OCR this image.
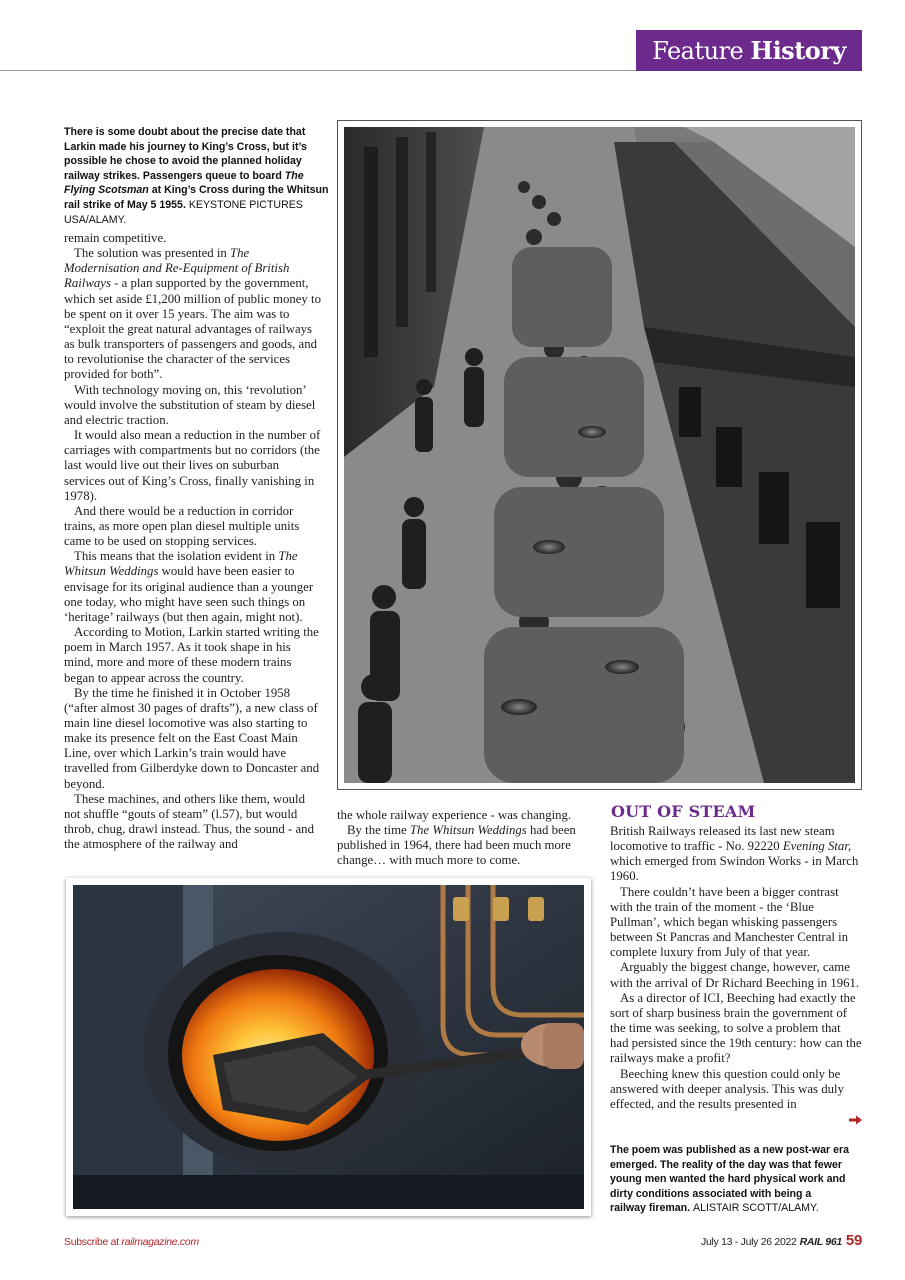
Feature History
There is some doubt about the precise date that Larkin made his journey to King’s Cross, but it’s possible he chose to avoid the planned holiday railway strikes. Passengers queue to board The Flying Scotsman at King’s Cross during the Whitsun rail strike of May 5 1955. KEYSTONE PICTURES USA/ALAMY.

remain competitive.

The solution was presented in The Modernisation and Re-Equipment of British Railways - a plan supported by the government, which set aside £1,200 million of public money to be spent on it over 15 years. The aim was to “exploit the great natural advantages of railways as bulk transporters of passengers and goods, and to revolutionise the character of the services provided for both”.

With technology moving on, this ‘revolution’ would involve the substitution of steam by diesel and electric traction.

It would also mean a reduction in the number of carriages with compartments but no corridors (the last would live out their lives on suburban services out of King’s Cross, finally vanishing in 1978).

And there would be a reduction in corridor trains, as more open plan diesel multiple units came to be used on stopping services.

This means that the isolation evident in The Whitsun Weddings would have been easier to envisage for its original audience than a younger one today, who might have seen such things on ‘heritage’ railways (but then again, might not).

According to Motion, Larkin started writing the poem in March 1957. As it took shape in his mind, more and more of these modern trains began to appear across the country.

By the time he finished it in October 1958 (“after almost 30 pages of drafts”), a new class of main line diesel locomotive was also starting to make its presence felt on the East Coast Main Line, over which Larkin’s train would have travelled from Gilberdyke down to Doncaster and beyond.

These machines, and others like them, would not shuffle “gouts of steam” (l.57), but would throb, chug, drawl instead. Thus, the sound - and the atmosphere of the railway and

the whole railway experience - was changing.

By the time The Whitsun Weddings had been published in 1964, there had been much more change… with much more to come.

OUT OF STEAM

British Railways released its last new steam locomotive to traffic - No. 92220 Evening Star, which emerged from Swindon Works - in March 1960.

There couldn’t have been a bigger contrast with the train of the moment - the ‘Blue Pullman’, which began whisking passengers between St Pancras and Manchester Central in complete luxury from July of that year.

Arguably the biggest change, however, came with the arrival of Dr Richard Beeching in 1961.

As a director of ICI, Beeching had exactly the sort of sharp business brain the government of the time was seeking, to solve a problem that had persisted since the 19th century: how can the railways make a profit?

Beeching knew this question could only be answered with deeper analysis. This was duly effected, and the results presented in

The poem was published as a new post-war era emerged. The reality of the day was that fewer young men wanted the hard physical work and dirty conditions associated with being a railway fireman. ALISTAIR SCOTT/ALAMY.
Subscribe at railmagazine.com	July 13 - July 26 2022 RAIL 961 59
